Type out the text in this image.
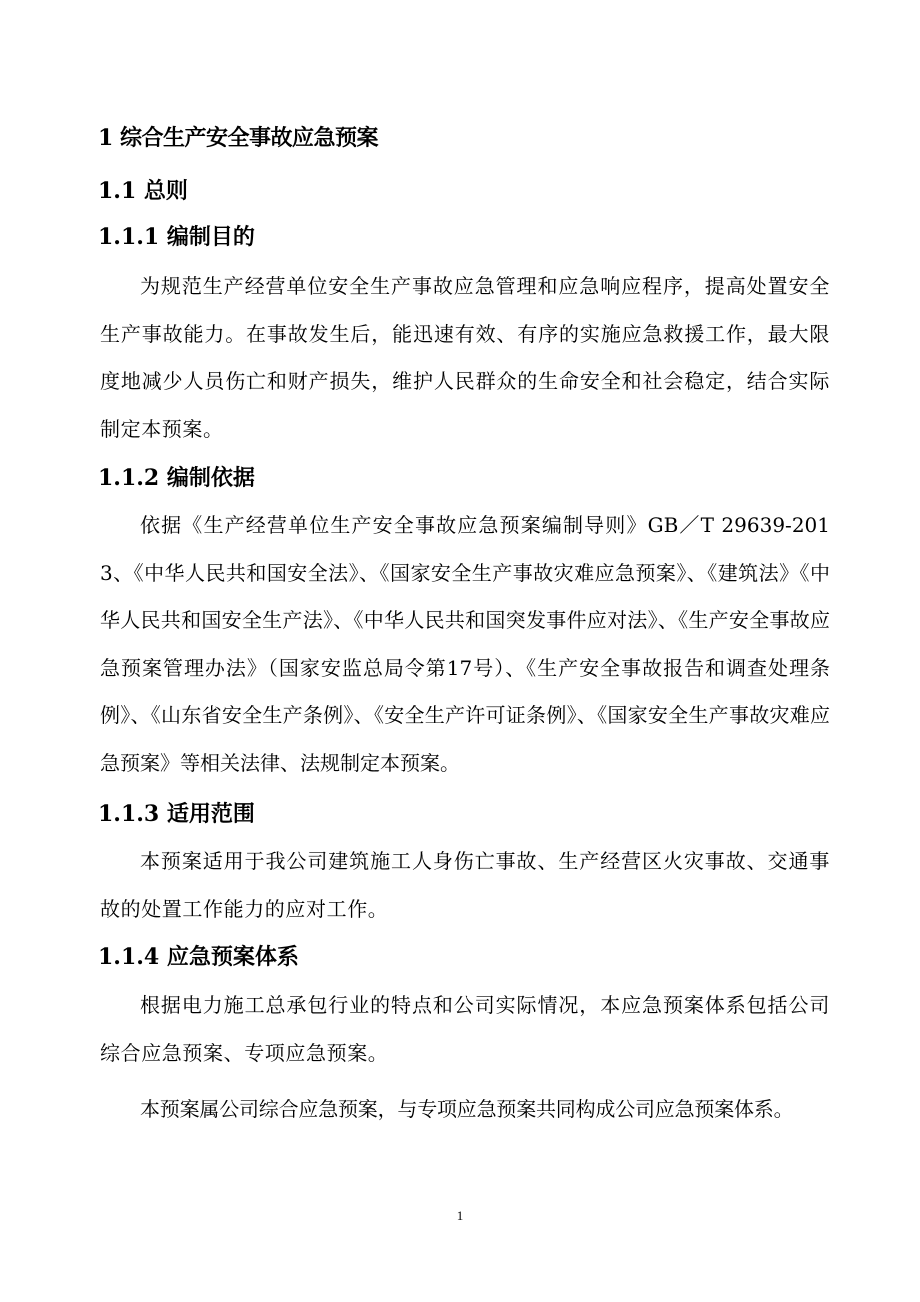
1 综合生产安全事故应急预案
1.1 总则
1.1.1 编制目的
为规范生产经营单位安全生产事故应急管理和应急响应程序，提高处置安全生产事故能力。在事故发生后，能迅速有效、有序的实施应急救援工作，最大限度地减少人员伤亡和财产损失，维护人民群众的生命安全和社会稳定，结合实际制定本预案。
1.1.2 编制依据
依据《生产经营单位生产安全事故应急预案编制导则》GB／T 29639-2013、《中华人民共和国安全法》、《国家安全生产事故灾难应急预案》、《建筑法》《中华人民共和国安全生产法》、《中华人民共和国突发事件应对法》、《生产安全事故应急预案管理办法》（国家安监总局令第17号）、《生产安全事故报告和调查处理条例》、《山东省安全生产条例》、《安全生产许可证条例》、《国家安全生产事故灾难应急预案》等相关法律、法规制定本预案。
1.1.3 适用范围
本预案适用于我公司建筑施工人身伤亡事故、生产经营区火灾事故、交通事故的处置工作能力的应对工作。
1.1.4 应急预案体系
根据电力施工总承包行业的特点和公司实际情况，本应急预案体系包括公司综合应急预案、专项应急预案。
本预案属公司综合应急预案，与专项应急预案共同构成公司应急预案体系。
1
